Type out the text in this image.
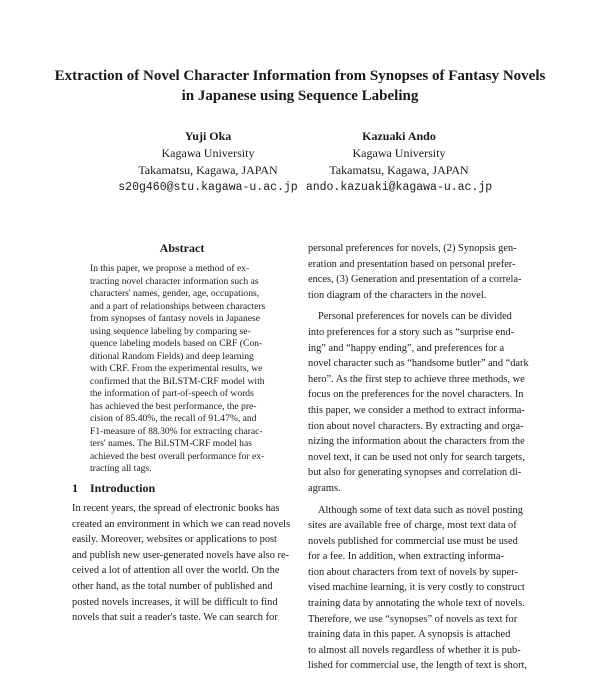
Extraction of Novel Character Information from Synopses of Fantasy Novels
in Japanese using Sequence Labeling
Yuji Oka
Kagawa University
Takamatsu, Kagawa, JAPAN
s20g460@stu.kagawa-u.ac.jp
Kazuaki Ando
Kagawa University
Takamatsu, Kagawa, JAPAN
ando.kazuaki@kagawa-u.ac.jp
Abstract
In this paper, we propose a method of ex-
tracting novel character information such as
characters' names, gender, age, occupations,
and a part of relationships between characters
from synopses of fantasy novels in Japanese
using sequence labeling by comparing se-
quence labeling models based on CRF (Con-
ditional Random Fields) and deep learning
with CRF. From the experimental results, we
confirmed that the BiLSTM-CRF model with
the information of part-of-speech of words
has achieved the best performance, the pre-
cision of 85.40%, the recall of 91.47%, and
F1-measure of 88.30% for extracting charac-
ters' names. The BiLSTM-CRF model has
achieved the best overall performance for ex-
tracting all tags.
1 Introduction
In recent years, the spread of electronic books has
created an environment in which we can read novels
easily. Moreover, websites or applications to post
and publish new user-generated novels have also re-
ceived a lot of attention all over the world. On the
other hand, as the total number of published and
posted novels increases, it will be difficult to find
novels that suit a reader's taste. We can search for
personal preferences for novels, (2) Synopsis gen-
eration and presentation based on personal prefer-
ences, (3) Generation and presentation of a correla-
tion diagram of the characters in the novel.
Personal preferences for novels can be divided
into preferences for a story such as “surprise end-
ing” and “happy ending”, and preferences for a
novel character such as “handsome butler” and “dark
hero”. As the first step to achieve three methods, we
focus on the preferences for the novel characters. In
this paper, we consider a method to extract informa-
tion about novel characters. By extracting and orga-
nizing the information about the characters from the
novel text, it can be used not only for search targets,
but also for generating synopses and correlation di-
agrams.
Although some of text data such as novel posting
sites are available free of charge, most text data of
novels published for commercial use must be used
for a fee. In addition, when extracting informa-
tion about characters from text of novels by super-
vised machine learning, it is very costly to construct
training data by annotating the whole text of novels.
Therefore, we use “synopses” of novels as text for
training data in this paper. A synopsis is attached
to almost all novels regardless of whether it is pub-
lished for commercial use, the length of text is short,
